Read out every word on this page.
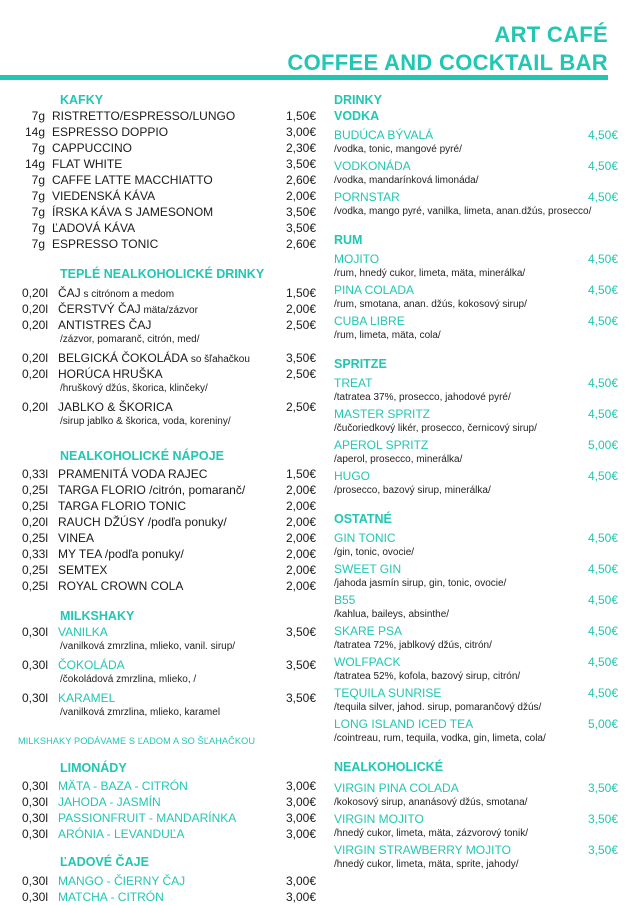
ART CAFÉ
COFFEE AND COCKTAIL BAR
KAFKY
7g RISTRETTO/ESPRESSO/LUNGO	1,50€
14g ESPRESSO DOPPIO	3,00€
7g CAPPUCCINO	2,30€
14g FLAT WHITE	3,50€
7g CAFFE LATTE MACCHIATTO	2,60€
7g VIEDENSKÁ KÁVA	2,00€
7g ÍRSKA KÁVA S JAMESONOM	3,50€
7g ĽADOVÁ KÁVA	3,50€
7g ESPRESSO TONIC	2,60€
TEPLÉ NEALKOHOLICKÉ DRINKY
0,20l ČAJ s citrónom a medom	1,50€
0,20l ČERSTVÝ ČAJ mäta/zázvor	2,00€
0,20l ANTISTRES ČAJ	2,50€
/zázvor, pomaranč, citrón, med/
0,20l BELGICKÁ ČOKOLÁDA so šľahačkou	3,50€
0,20l HORÚCA HRUŠKA	2,50€
/hruškový džús, škorica, klinčeky/
0,20l JABLKO & ŠKORICA	2,50€
/sirup jablko & škorica, voda, koreniny/
NEALKOHOLICKÉ NÁPOJE
0,33l PRAMENITÁ VODA RAJEC	1,50€
0,25l TARGA FLORIO /citrón, pomaranč/	2,00€
0,25l TARGA FLORIO TONIC	2,00€
0,20l RAUCH DŽÚSY /podľa ponuky/	2,00€
0,25l VINEA	2,00€
0,33l MY TEA /podľa ponuky/	2,00€
0,25l SEMTEX	2,00€
0,25l ROYAL CROWN COLA	2,00€
MILKSHAKY
0,30l VANILKA	3,50€
/vanilková zmrzlina, mlieko, vanil. sirup/
0,30l ČOKOLÁDA	3,50€
/čokoládová zmrzlina, mlieko, /
0,30l KARAMEL	3,50€
/vanilková zmrzlina, mlieko, karamel
MILKSHAKY PODÁVAME S ĽADOM A SO ŠĽAHAČKOU
LIMONÁDY
0,30l MÄTA - BAZA - CITRÓN	3,00€
0,30l JAHODA - JASMÍN	3,00€
0,30l PASSIONFRUIT - MANDARÍNKA	3,00€
0,30l ARÓNIA - LEVANDUĽA	3,00€
ĽADOVÉ ČAJE
0,30l MANGO - ČIERNY ČAJ	3,00€
0,30l MATCHA - CITRÓN	3,00€
DRINKY
VODKA
BUDÚCA BÝVALÁ	4,50€
/vodka, tonic, mangové pyré/
VODKONÁDA	4,50€
/vodka, mandarínková limonáda/
PORNSTAR	4,50€
/vodka, mango pyré, vanilka, limeta, anan.džús, prosecco/
RUM
MOJITO	4,50€
/rum, hnedý cukor, limeta, mäta, minerálka/
PINA COLADA	4,50€
/rum, smotana, anan. džús, kokosový sirup/
CUBA LIBRE	4,50€
/rum, limeta, mäta, cola/
SPRITZE
TREAT	4,50€
/tatratea 37%, prosecco, jahodové pyré/
MASTER SPRITZ	4,50€
/čučoriedkový likér, prosecco, černicový sirup/
APEROL SPRITZ	5,00€
/aperol, prosecco, minerálka/
HUGO	4,50€
/prosecco, bazový sirup, minerálka/
OSTATNÉ
GIN TONIC	4,50€
/gin, tonic, ovocie/
SWEET GIN	4,50€
/jahoda jasmín sirup, gin, tonic, ovocie/
B55	4,50€
/kahlua, baileys, absinthe/
SKARE PSA	4,50€
/tatratea 72%, jablkový džús, citrón/
WOLFPACK	4,50€
/tatratea 52%, kofola, bazový sirup, citrón/
TEQUILA SUNRISE	4,50€
/tequila silver, jahod. sirup, pomarančový džús/
LONG ISLAND ICED TEA	5,00€
/cointreau, rum, tequila, vodka, gin, limeta, cola/
NEALKOHOLICKÉ
VIRGIN PINA COLADA	3,50€
/kokosový sirup, ananásový džús, smotana/
VIRGIN MOJITO	3,50€
/hnedý cukor, limeta, mäta, zázvorový tonik/
VIRGIN STRAWBERRY MOJITO	3,50€
/hnedý cukor, limeta, mäta, sprite, jahody/
